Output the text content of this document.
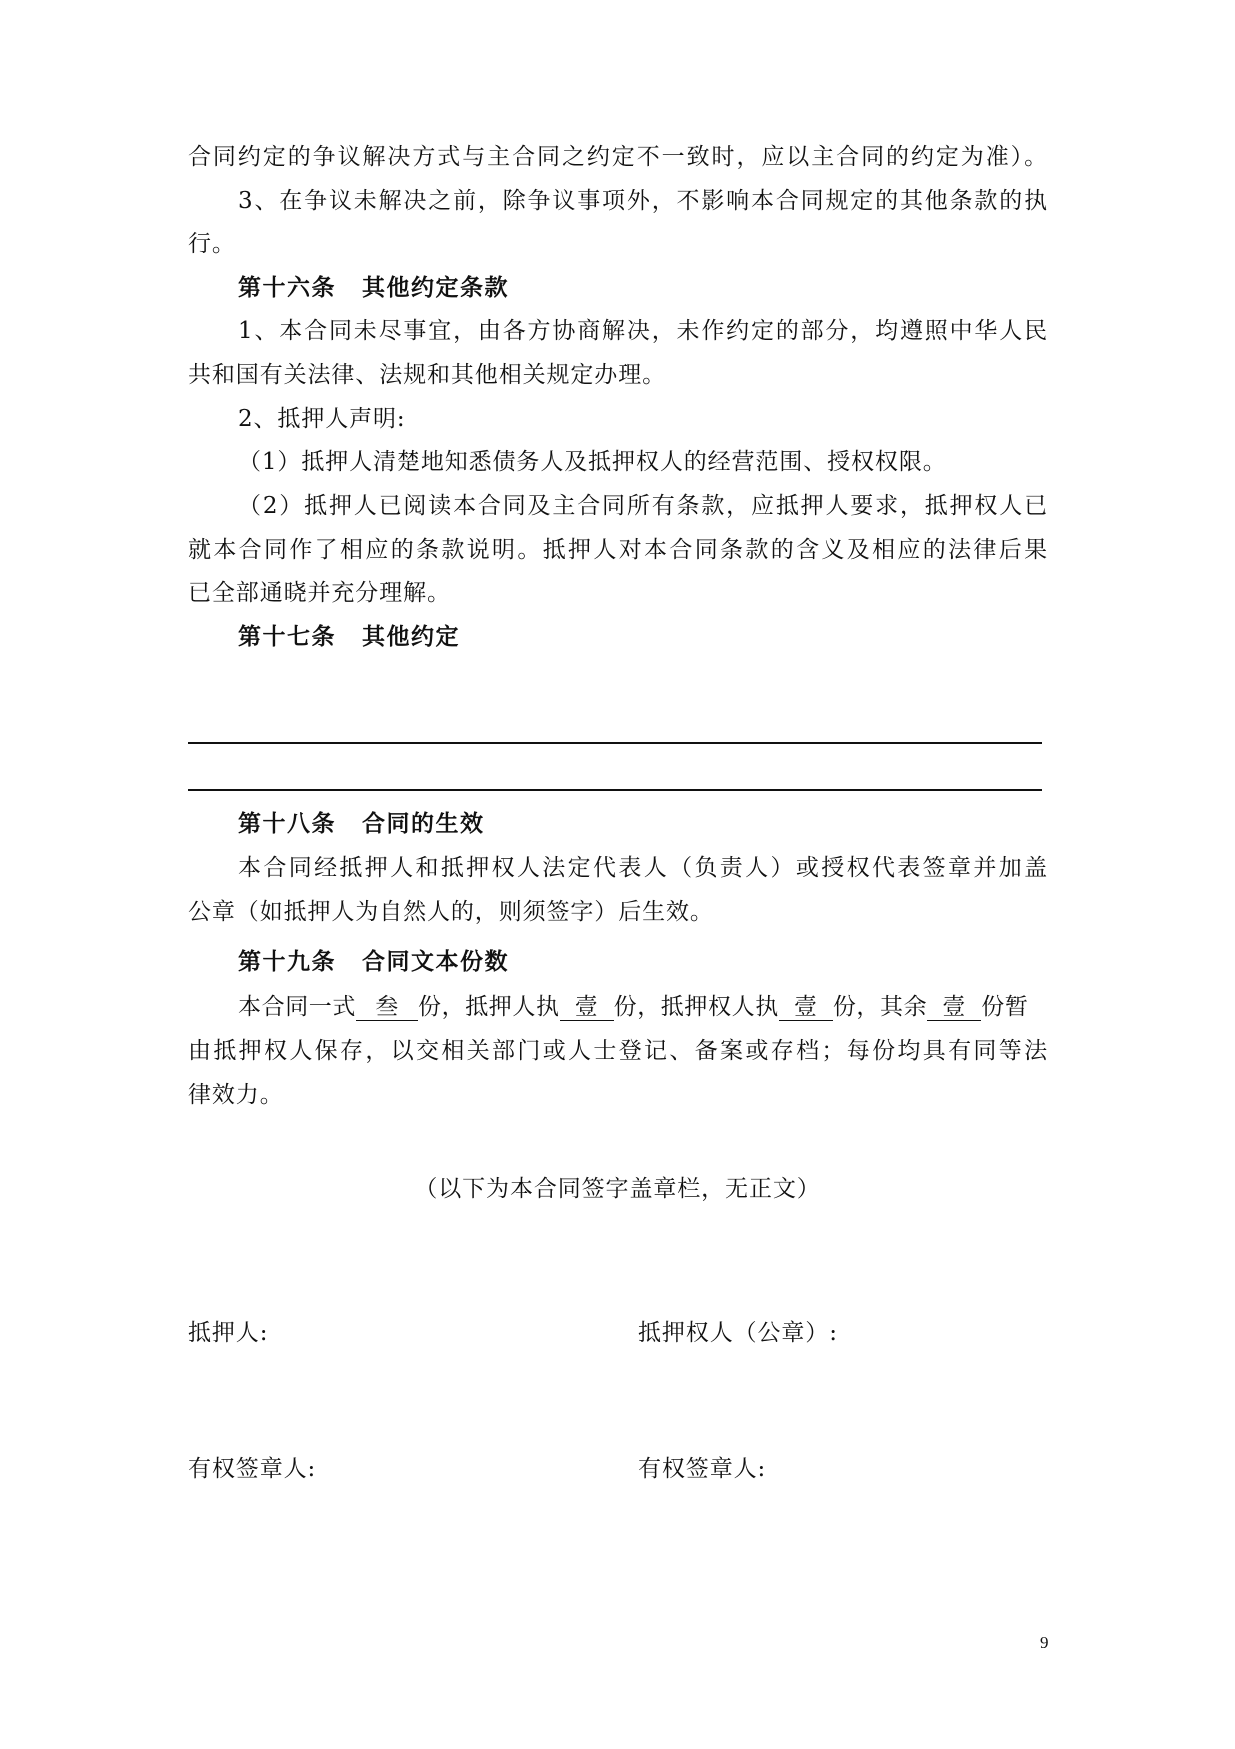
合同约定的争议解决方式与主合同之约定不一致时，应以主合同的约定为准）。
3、在争议未解决之前，除争议事项外，不影响本合同规定的其他条款的执
行。
第十六条 其他约定条款
1、本合同未尽事宜，由各方协商解决，未作约定的部分，均遵照中华人民
共和国有关法律、法规和其他相关规定办理。
2、抵押人声明:
（1）抵押人清楚地知悉债务人及抵押权人的经营范围、授权权限。
（2）抵押人已阅读本合同及主合同所有条款，应抵押人要求，抵押权人已
就本合同作了相应的条款说明。抵押人对本合同条款的含义及相应的法律后果
已全部通晓并充分理解。
第十七条 其他约定
第十八条 合同的生效
本合同经抵押人和抵押权人法定代表人（负责人）或授权代表签章并加盖
公章（如抵押人为自然人的，则须签字）后生效。
第十九条 合同文本份数
本合同一式 叁 份，抵押人执 壹 份，抵押权人执 壹 份，其余 壹 份暂
由抵押权人保存，以交相关部门或人士登记、备案或存档；每份均具有同等法
律效力。
（以下为本合同签字盖章栏，无正文）
抵押人:	抵押权人（公章）:
有权签章人:	有权签章人:
9
